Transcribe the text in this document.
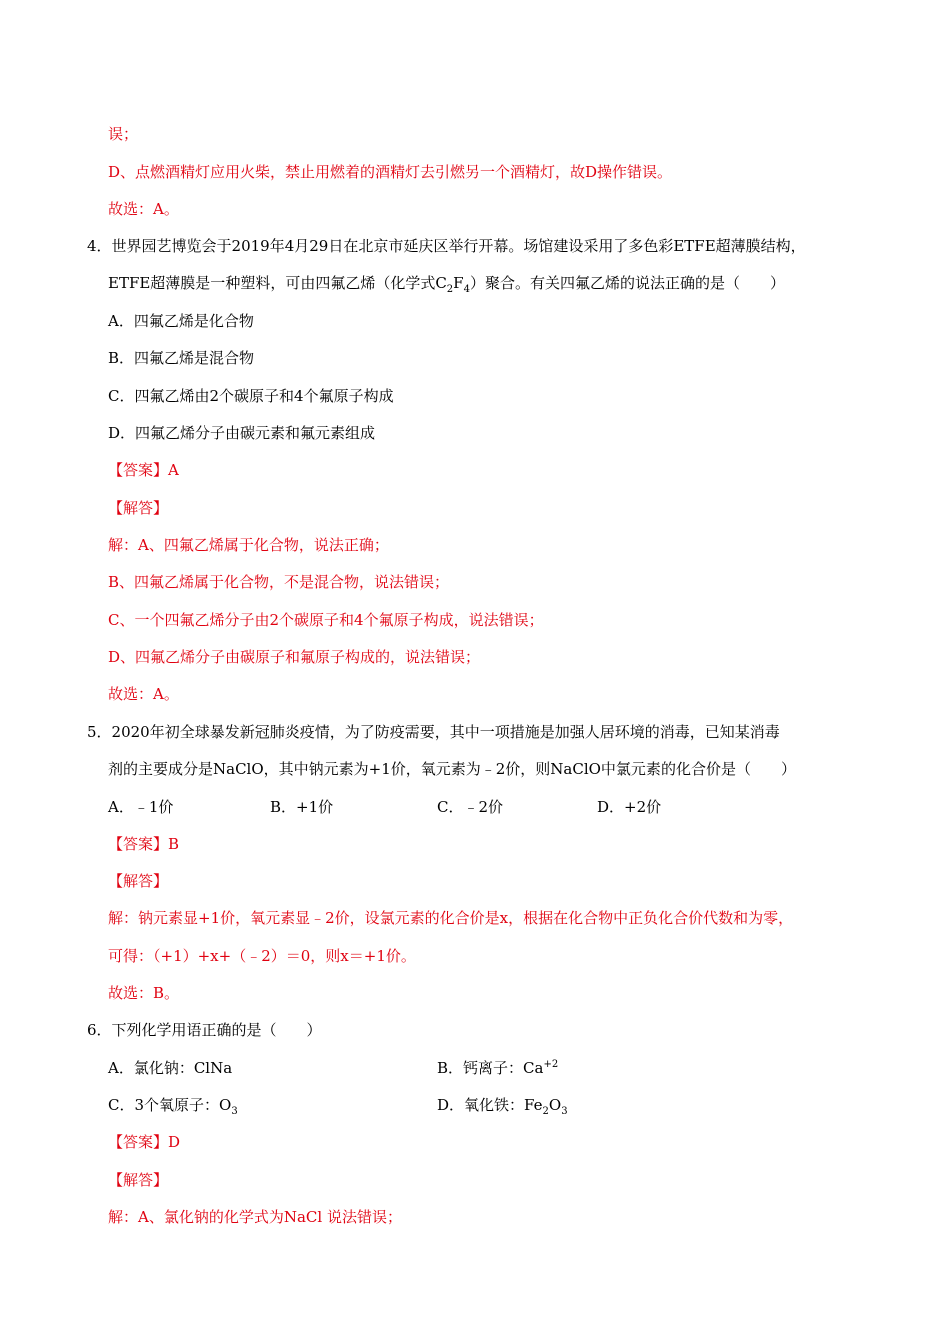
误；
D、点燃酒精灯应用火柴，禁止用燃着的酒精灯去引燃另一个酒精灯，故D操作错误。
故选：A。
4．世界园艺博览会于2019年4月29日在北京市延庆区举行开幕。场馆建设采用了多色彩ETFE超薄膜结构，
ETFE超薄膜是一种塑料，可由四氟乙烯（化学式$C_2F_4$）聚合。有关四氟乙烯的说法正确的是（　　）
A．四氟乙烯是化合物
B．四氟乙烯是混合物
C．四氟乙烯由2个碳原子和4个氟原子构成
D．四氟乙烯分子由碳元素和氟元素组成
【答案】A
【解答】
解：A、四氟乙烯属于化合物，说法正确；
B、四氟乙烯属于化合物，不是混合物，说法错误；
C、一个四氟乙烯分子由2个碳原子和4个氟原子构成，说法错误；
D、四氟乙烯分子由碳原子和氟原子构成的，说法错误；
故选：A。
5．2020年初全球暴发新冠肺炎疫情，为了防疫需要，其中一项措施是加强人居环境的消毒，已知某消毒
剂的主要成分是NaClO，其中钠元素为+1价，氧元素为﹣2价，则NaClO中氯元素的化合价是（　　）
A．﹣1价	B．+1价	C．﹣2价	D．+2价
【答案】B
【解答】
解：钠元素显+1价，氧元素显﹣2价，设氯元素的化合价是x，根据在化合物中正负化合价代数和为零，
可得：（+1）+x+（﹣2）＝0，则x＝+1价。
故选：B。
6．下列化学用语正确的是（　　）
A．氯化钠：ClNa	B．钙离子：$Ca^{+2}$
C．3个氧原子：$O_3$	D．氧化铁：$Fe_2O_3$
【答案】D
【解答】
解：A、氯化钠的化学式为NaCl 说法错误；
